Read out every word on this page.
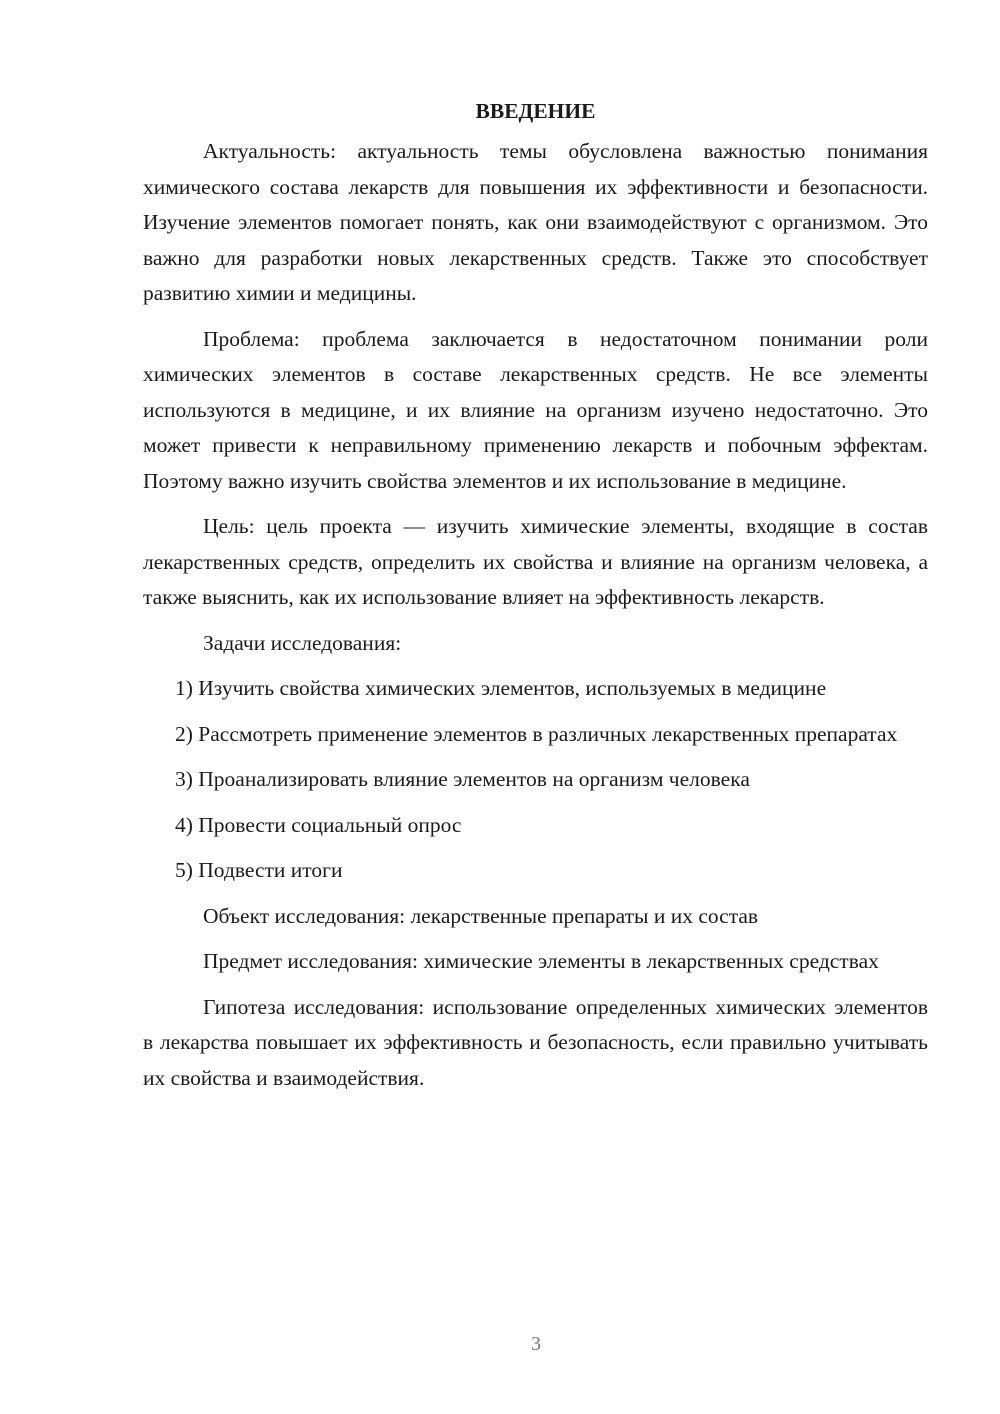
ВВЕДЕНИЕ

Актуальность: актуальность темы обусловлена важностью понимания химического состава лекарств для повышения их эффективности и безопасности. Изучение элементов помогает понять, как они взаимодействуют с организмом. Это важно для разработки новых лекарственных средств. Также это способствует развитию химии и медицины.

Проблема: проблема заключается в недостаточном понимании роли химических элементов в составе лекарственных средств. Не все элементы используются в медицине, и их влияние на организм изучено недостаточно. Это может привести к неправильному применению лекарств и побочным эффектам. Поэтому важно изучить свойства элементов и их использование в медицине.

Цель: цель проекта — изучить химические элементы, входящие в состав лекарственных средств, определить их свойства и влияние на организм человека, а также выяснить, как их использование влияет на эффективность лекарств.

Задачи исследования:

1) Изучить свойства химических элементов, используемых в медицине

2) Рассмотреть применение элементов в различных лекарственных препаратах

3) Проанализировать влияние элементов на организм человека

4) Провести социальный опрос

5) Подвести итоги

Объект исследования: лекарственные препараты и их состав

Предмет исследования: химические элементы в лекарственных средствах

Гипотеза исследования: использование определенных химических элементов в лекарства повышает их эффективность и безопасность, если правильно учитывать их свойства и взаимодействия.

3
